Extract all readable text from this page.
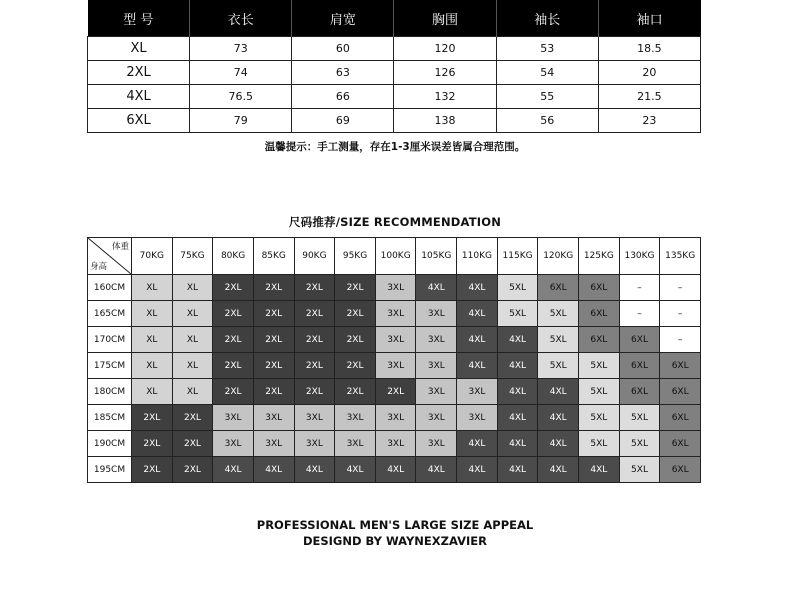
型 号	衣长	肩宽	胸围	袖长	袖口
XL	73	60	120	53	18.5
2XL	74	63	126	54	20
4XL	76.5	66	132	55	21.5
6XL	79	69	138	56	23
温馨提示：手工测量，存在1-3厘米误差皆属合理范围。
尺码推荐/SIZE RECOMMENDATION
体重
身高	70KG	75KG	80KG	85KG	90KG	95KG	100KG	105KG	110KG	115KG	120KG	125KG	130KG	135KG
160CM	XL	XL	2XL	2XL	2XL	2XL	3XL	4XL	4XL	5XL	6XL	6XL	–	–
165CM	XL	XL	2XL	2XL	2XL	2XL	3XL	3XL	4XL	5XL	5XL	6XL	–	–
170CM	XL	XL	2XL	2XL	2XL	2XL	3XL	3XL	4XL	4XL	5XL	6XL	6XL	–
175CM	XL	XL	2XL	2XL	2XL	2XL	3XL	3XL	4XL	4XL	5XL	5XL	6XL	6XL
180CM	XL	XL	2XL	2XL	2XL	2XL	2XL	3XL	3XL	4XL	4XL	5XL	6XL	6XL
185CM	2XL	2XL	3XL	3XL	3XL	3XL	3XL	3XL	3XL	4XL	4XL	5XL	5XL	6XL
190CM	2XL	2XL	3XL	3XL	3XL	3XL	3XL	3XL	4XL	4XL	4XL	5XL	5XL	6XL
195CM	2XL	2XL	4XL	4XL	4XL	4XL	4XL	4XL	4XL	4XL	4XL	4XL	5XL	6XL
PROFESSIONAL MEN'S LARGE SIZE APPEAL
DESIGND BY WAYNEXZAVIER
